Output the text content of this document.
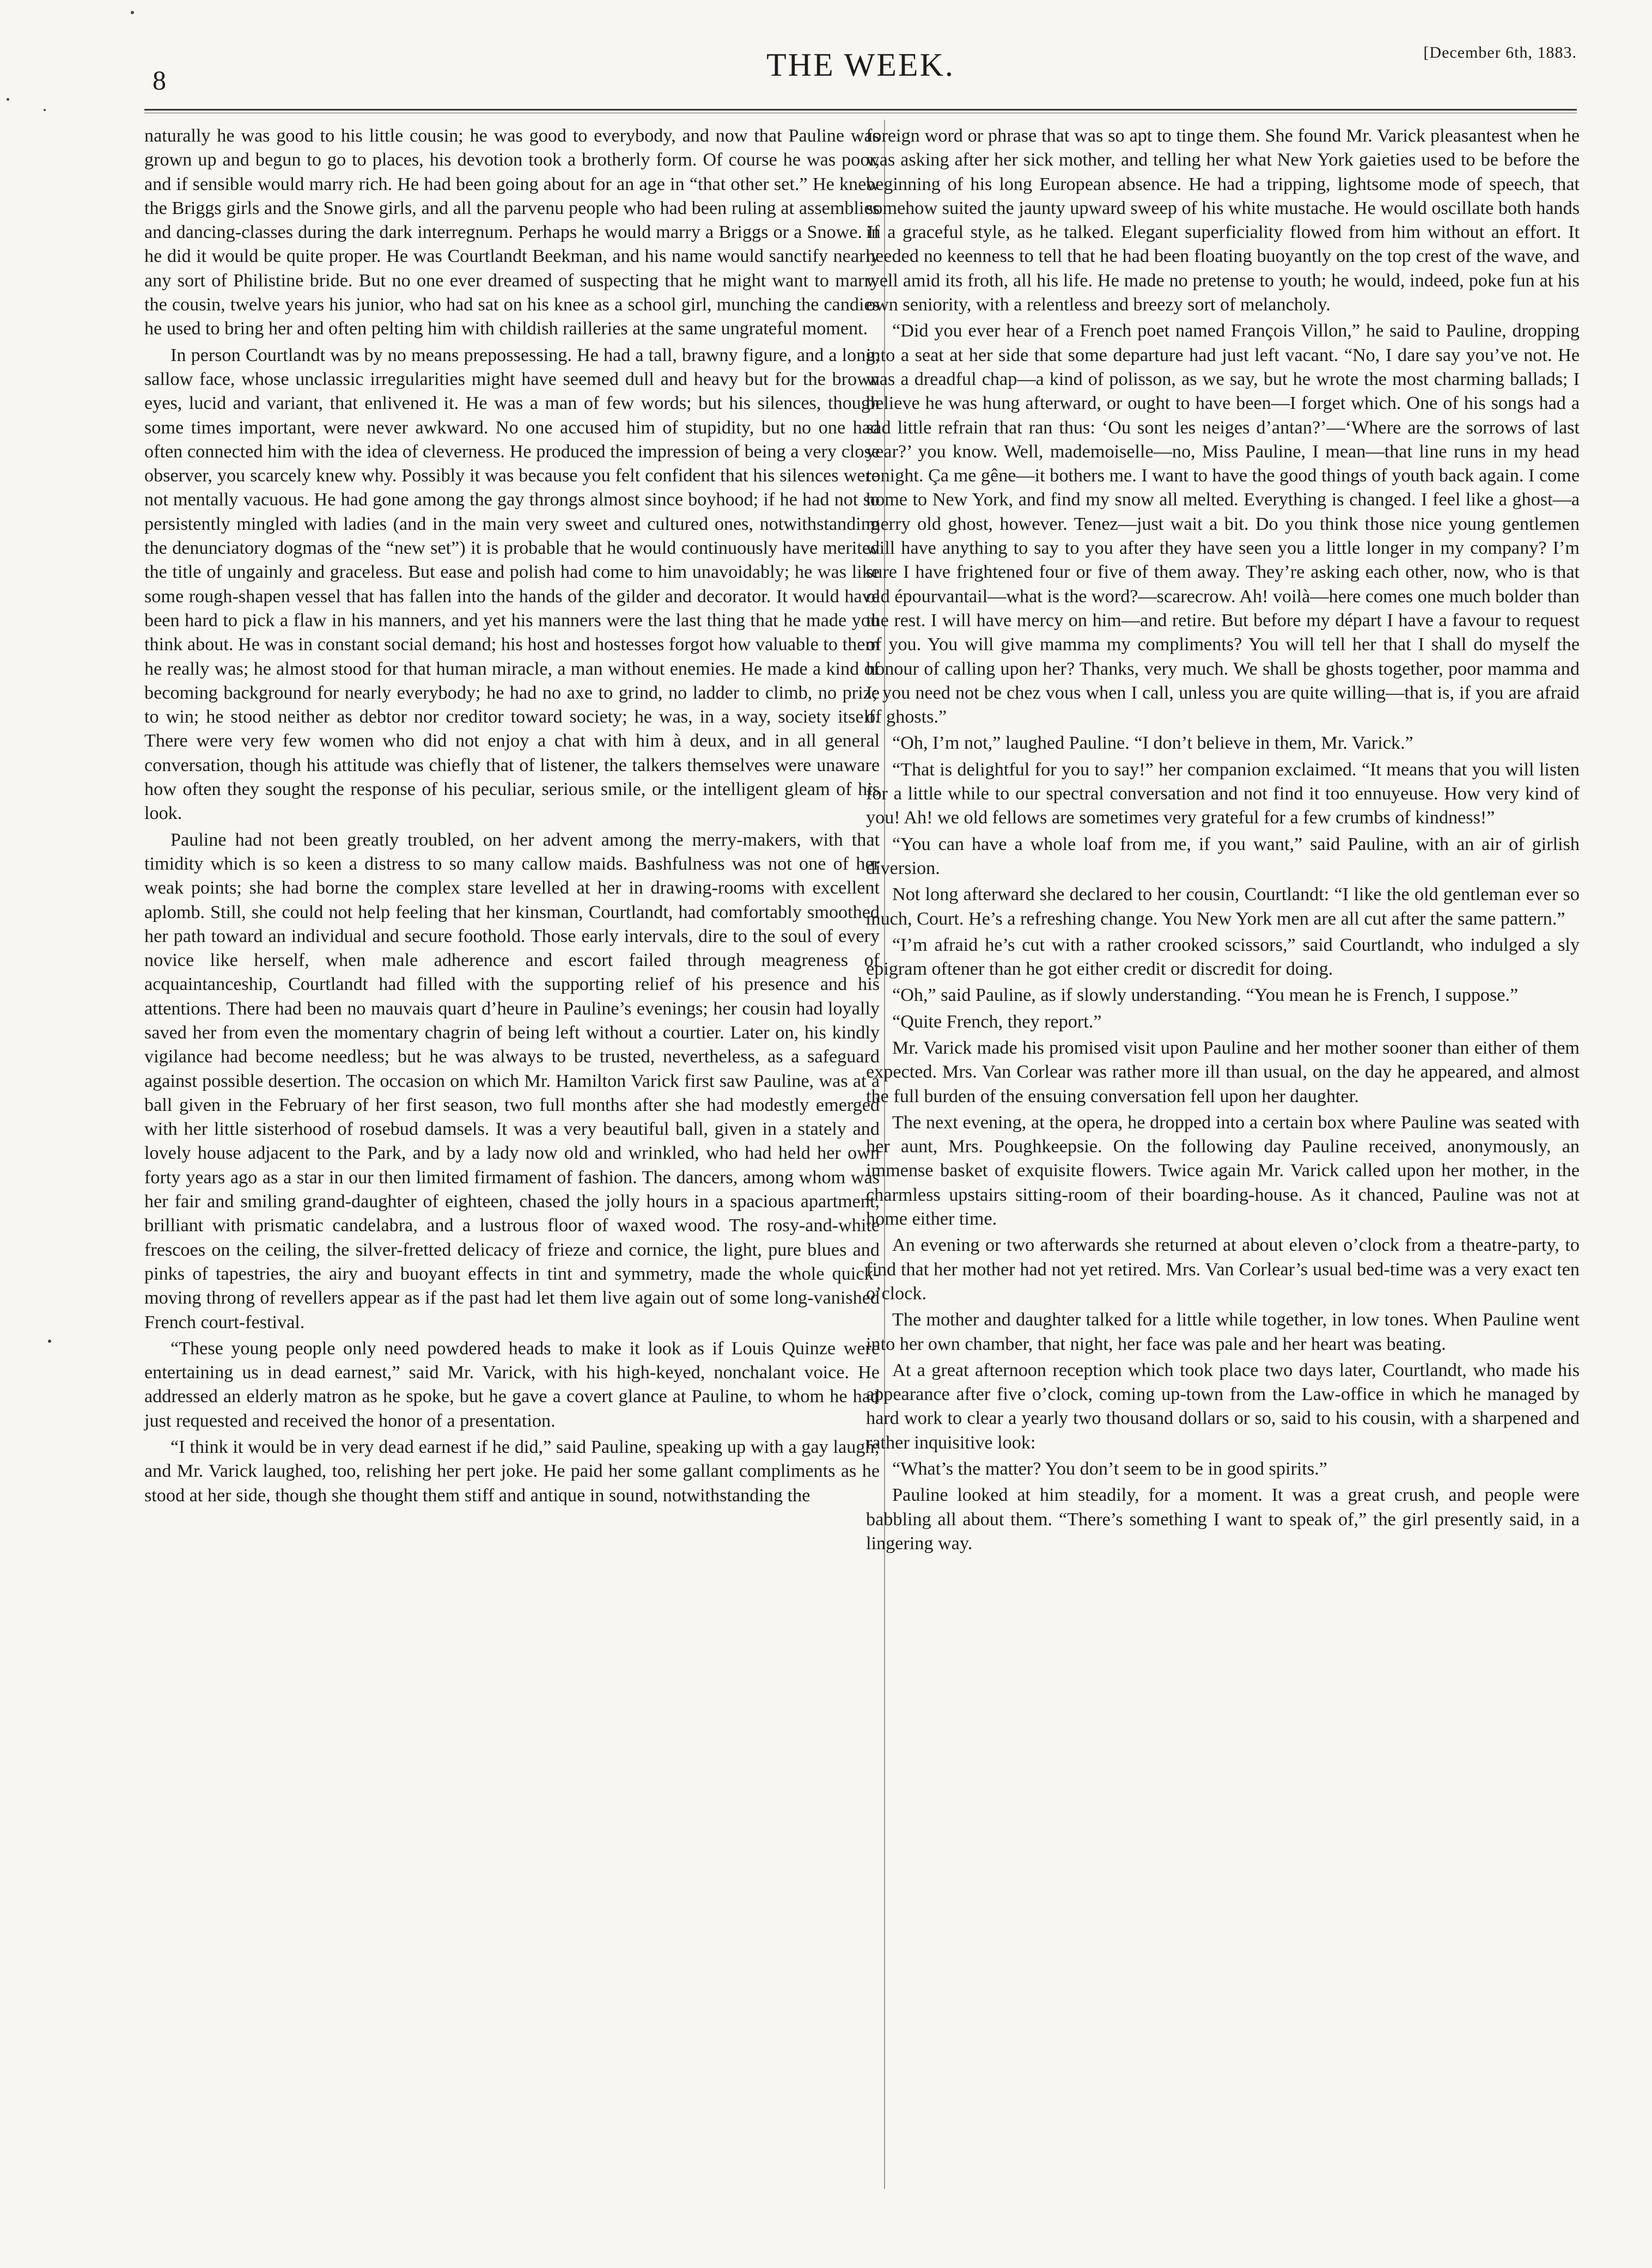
8	THE WEEK.	[December 6th, 1883.

naturally he was good to his little cousin; he was good to everybody, and now that Pauline was grown up and begun to go to places, his devotion took a brotherly form. Of course he was poor, and if sensible would marry rich. He had been going about for an age in “that other set.” He knew the Briggs girls and the Snowe girls, and all the parvenu people who had been ruling at assemblies and dancing-classes during the dark interregnum. Perhaps he would marry a Briggs or a Snowe. If he did it would be quite proper. He was Courtlandt Beekman, and his name would sanctify nearly any sort of Philistine bride. But no one ever dreamed of suspecting that he might want to marry the cousin, twelve years his junior, who had sat on his knee as a school girl, munching the candies he used to bring her and often pelting him with childish railleries at the same ungrateful moment.

In person Courtlandt was by no means prepossessing. He had a tall, brawny figure, and a long, sallow face, whose unclassic irregularities might have seemed dull and heavy but for the brown eyes, lucid and variant, that enlivened it. He was a man of few words; but his silences, though some times important, were never awkward. No one accused him of stupidity, but no one had often connected him with the idea of cleverness. He produced the impression of being a very close observer, you scarcely knew why. Possibly it was because you felt confident that his silences were not mentally vacuous. He had gone among the gay throngs almost since boyhood; if he had not so persistently mingled with ladies (and in the main very sweet and cultured ones, notwithstanding the denunciatory dogmas of the “new set”) it is probable that he would continuously have merited the title of ungainly and graceless. But ease and polish had come to him unavoidably; he was like some rough-shapen vessel that has fallen into the hands of the gilder and decorator. It would have been hard to pick a flaw in his manners, and yet his manners were the last thing that he made you think about. He was in constant social demand; his host and hostesses forgot how valuable to them he really was; he almost stood for that human miracle, a man without enemies. He made a kind of becoming background for nearly everybody; he had no axe to grind, no ladder to climb, no prize to win; he stood neither as debtor nor creditor toward society; he was, in a way, society itself. There were very few women who did not enjoy a chat with him à deux, and in all general conversation, though his attitude was chiefly that of listener, the talkers themselves were unaware how often they sought the response of his peculiar, serious smile, or the intelligent gleam of his look.

Pauline had not been greatly troubled, on her advent among the merry-makers, with that timidity which is so keen a distress to so many callow maids. Bashfulness was not one of her weak points; she had borne the complex stare levelled at her in drawing-rooms with excellent aplomb. Still, she could not help feeling that her kinsman, Courtlandt, had comfortably smoothed her path toward an individual and secure foothold. Those early intervals, dire to the soul of every novice like herself, when male adherence and escort failed through meagreness of acquaintanceship, Courtlandt had filled with the supporting relief of his presence and his attentions. There had been no mauvais quart d’heure in Pauline’s evenings; her cousin had loyally saved her from even the momentary chagrin of being left without a courtier. Later on, his kindly vigilance had become needless; but he was always to be trusted, nevertheless, as a safeguard against possible desertion. The occasion on which Mr. Hamilton Varick first saw Pauline, was at a ball given in the February of her first season, two full months after she had modestly emerged with her little sisterhood of rosebud damsels. It was a very beautiful ball, given in a stately and lovely house adjacent to the Park, and by a lady now old and wrinkled, who had held her own forty years ago as a star in our then limited firmament of fashion. The dancers, among whom was her fair and smiling grand-daughter of eighteen, chased the jolly hours in a spacious apartment, brilliant with prismatic candelabra, and a lustrous floor of waxed wood. The rosy-and-white frescoes on the ceiling, the silver-fretted delicacy of frieze and cornice, the light, pure blues and pinks of tapestries, the airy and buoyant effects in tint and symmetry, made the whole quick-moving throng of revellers appear as if the past had let them live again out of some long-vanished French court-festival.

“These young people only need powdered heads to make it look as if Louis Quinze were entertaining us in dead earnest,” said Mr. Varick, with his high-keyed, nonchalant voice. He addressed an elderly matron as he spoke, but he gave a covert glance at Pauline, to whom he had just requested and received the honor of a presentation.

“I think it would be in very dead earnest if he did,” said Pauline, speaking up with a gay laugh; and Mr. Varick laughed, too, relishing her pert joke. He paid her some gallant compliments as he stood at her side, though she thought them stiff and antique in sound, notwithstanding the

foreign word or phrase that was so apt to tinge them. She found Mr. Varick pleasantest when he was asking after her sick mother, and telling her what New York gaieties used to be before the beginning of his long European absence. He had a tripping, lightsome mode of speech, that somehow suited the jaunty upward sweep of his white mustache. He would oscillate both hands in a graceful style, as he talked. Elegant superficiality flowed from him without an effort. It needed no keenness to tell that he had been floating buoyantly on the top crest of the wave, and well amid its froth, all his life. He made no pretense to youth; he would, indeed, poke fun at his own seniority, with a relentless and breezy sort of melancholy.

“Did you ever hear of a French poet named François Villon,” he said to Pauline, dropping into a seat at her side that some departure had just left vacant. “No, I dare say you’ve not. He was a dreadful chap—a kind of polisson, as we say, but he wrote the most charming ballads; I believe he was hung afterward, or ought to have been—I forget which. One of his songs had a sad little refrain that ran thus: ‘Ou sont les neiges d’antan?’—‘Where are the sorrows of last year?’ you know. Well, mademoiselle—no, Miss Pauline, I mean—that line runs in my head tonight. Ça me gêne—it bothers me. I want to have the good things of youth back again. I come home to New York, and find my snow all melted. Everything is changed. I feel like a ghost—a merry old ghost, however. Tenez—just wait a bit. Do you think those nice young gentlemen will have anything to say to you after they have seen you a little longer in my company? I’m sure I have frightened four or five of them away. They’re asking each other, now, who is that old épourvantail—what is the word?—scarecrow. Ah! voilà—here comes one much bolder than the rest. I will have mercy on him—and retire. But before my départ I have a favour to request of you. You will give mamma my compliments? You will tell her that I shall do myself the honour of calling upon her? Thanks, very much. We shall be ghosts together, poor mamma and I; you need not be chez vous when I call, unless you are quite willing—that is, if you are afraid of ghosts.”

“Oh, I’m not,” laughed Pauline. “I don’t believe in them, Mr. Varick.”

“That is delightful for you to say!” her companion exclaimed. “It means that you will listen for a little while to our spectral conversation and not find it too ennuyeuse. How very kind of you! Ah! we old fellows are sometimes very grateful for a few crumbs of kindness!”

“You can have a whole loaf from me, if you want,” said Pauline, with an air of girlish diversion.

Not long afterward she declared to her cousin, Courtlandt: “I like the old gentleman ever so much, Court. He’s a refreshing change. You New York men are all cut after the same pattern.”

“I’m afraid he’s cut with a rather crooked scissors,” said Courtlandt, who indulged a sly epigram oftener than he got either credit or discredit for doing.

“Oh,” said Pauline, as if slowly understanding. “You mean he is French, I suppose.”

“Quite French, they report.”

Mr. Varick made his promised visit upon Pauline and her mother sooner than either of them expected. Mrs. Van Corlear was rather more ill than usual, on the day he appeared, and almost the full burden of the ensuing conversation fell upon her daughter.

The next evening, at the opera, he dropped into a certain box where Pauline was seated with her aunt, Mrs. Poughkeepsie. On the following day Pauline received, anonymously, an immense basket of exquisite flowers. Twice again Mr. Varick called upon her mother, in the charmless upstairs sitting-room of their boarding-house. As it chanced, Pauline was not at home either time.

An evening or two afterwards she returned at about eleven o’clock from a theatre-party, to find that her mother had not yet retired. Mrs. Van Corlear’s usual bed-time was a very exact ten o’clock.

The mother and daughter talked for a little while together, in low tones. When Pauline went into her own chamber, that night, her face was pale and her heart was beating.

At a great afternoon reception which took place two days later, Courtlandt, who made his appearance after five o’clock, coming up-town from the Law-office in which he managed by hard work to clear a yearly two thousand dollars or so, said to his cousin, with a sharpened and rather inquisitive look:

“What’s the matter? You don’t seem to be in good spirits.”

Pauline looked at him steadily, for a moment. It was a great crush, and people were babbling all about them. “There’s something I want to speak of,” the girl presently said, in a lingering way.
